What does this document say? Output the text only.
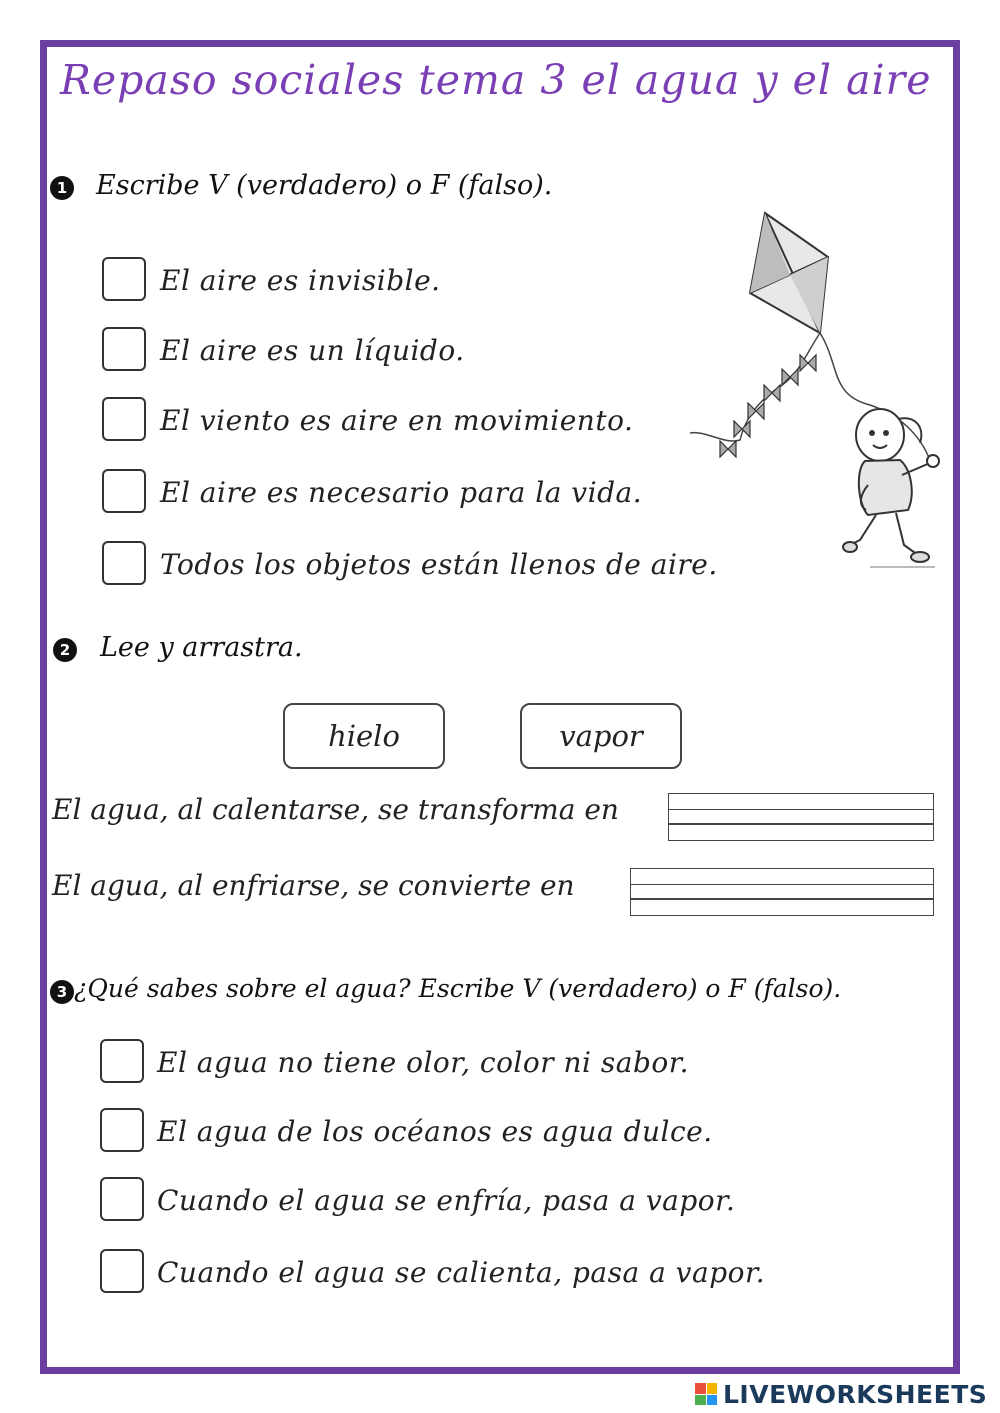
Repaso sociales tema 3 el agua y el aire
1 Escribe V (verdadero) o F (falso).
El aire es invisible.
El aire es un líquido.
El viento es aire en movimiento.
El aire es necesario para la vida.
Todos los objetos están llenos de aire.
2 Lee y arrastra.
hielo	vapor
El agua, al calentarse, se transforma en
El agua, al enfriarse, se convierte en
3 ¿Qué sabes sobre el agua? Escribe V (verdadero) o F (falso).
El agua no tiene olor, color ni sabor.
El agua de los océanos es agua dulce.
Cuando el agua se enfría, pasa a vapor.
Cuando el agua se calienta, pasa a vapor.
LIVEWORKSHEETS
